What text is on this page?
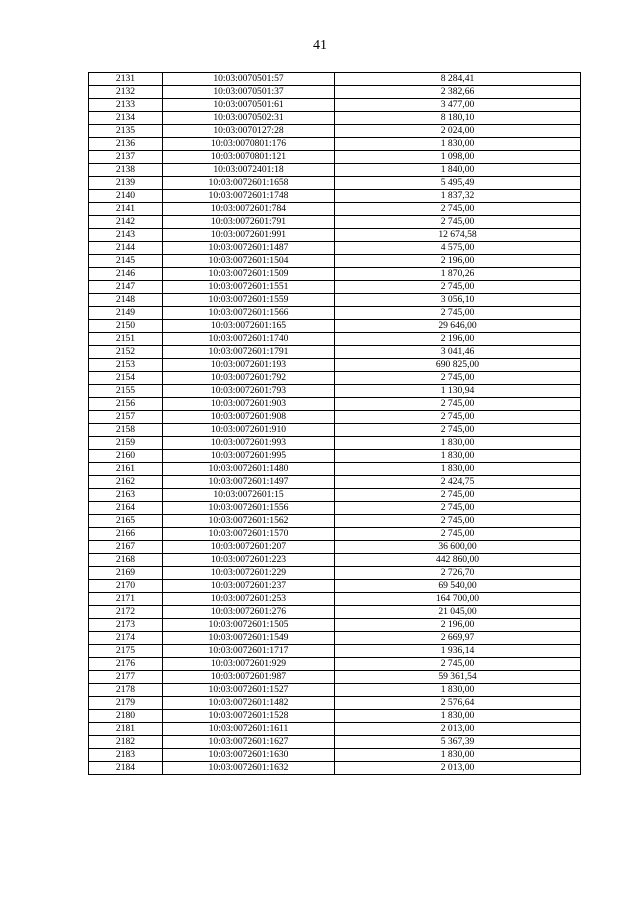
41
2131	10:03:0070501:57	8 284,41
2132	10:03:0070501:37	2 382,66
2133	10:03:0070501:61	3 477,00
2134	10:03:0070502:31	8 180,10
2135	10:03:0070127:28	2 024,00
2136	10:03:0070801:176	1 830,00
2137	10:03:0070801:121	1 098,00
2138	10:03:0072401:18	1 840,00
2139	10:03:0072601:1658	5 495,49
2140	10:03:0072601:1748	1 837,32
2141	10:03:0072601:784	2 745,00
2142	10:03:0072601:791	2 745,00
2143	10:03:0072601:991	12 674,58
2144	10:03:0072601:1487	4 575,00
2145	10:03:0072601:1504	2 196,00
2146	10:03:0072601:1509	1 870,26
2147	10:03:0072601:1551	2 745,00
2148	10:03:0072601:1559	3 056,10
2149	10:03:0072601:1566	2 745,00
2150	10:03:0072601:165	29 646,00
2151	10:03:0072601:1740	2 196,00
2152	10:03:0072601:1791	3 041,46
2153	10:03:0072601:193	690 825,00
2154	10:03:0072601:792	2 745,00
2155	10:03:0072601:793	1 130,94
2156	10:03:0072601:903	2 745,00
2157	10:03:0072601:908	2 745,00
2158	10:03:0072601:910	2 745,00
2159	10:03:0072601:993	1 830,00
2160	10:03:0072601:995	1 830,00
2161	10:03:0072601:1480	1 830,00
2162	10:03:0072601:1497	2 424,75
2163	10:03:0072601:15	2 745,00
2164	10:03:0072601:1556	2 745,00
2165	10:03:0072601:1562	2 745,00
2166	10:03:0072601:1570	2 745,00
2167	10:03:0072601:207	36 600,00
2168	10:03:0072601:223	442 860,00
2169	10:03:0072601:229	2 726,70
2170	10:03:0072601:237	69 540,00
2171	10:03:0072601:253	164 700,00
2172	10:03:0072601:276	21 045,00
2173	10:03:0072601:1505	2 196,00
2174	10:03:0072601:1549	2 669,97
2175	10:03:0072601:1717	1 936,14
2176	10:03:0072601:929	2 745,00
2177	10:03:0072601:987	59 361,54
2178	10:03:0072601:1527	1 830,00
2179	10:03:0072601:1482	2 576,64
2180	10:03:0072601:1528	1 830,00
2181	10:03:0072601:1611	2 013,00
2182	10:03:0072601:1627	5 367,39
2183	10:03:0072601:1630	1 830,00
2184	10:03:0072601:1632	2 013,00
